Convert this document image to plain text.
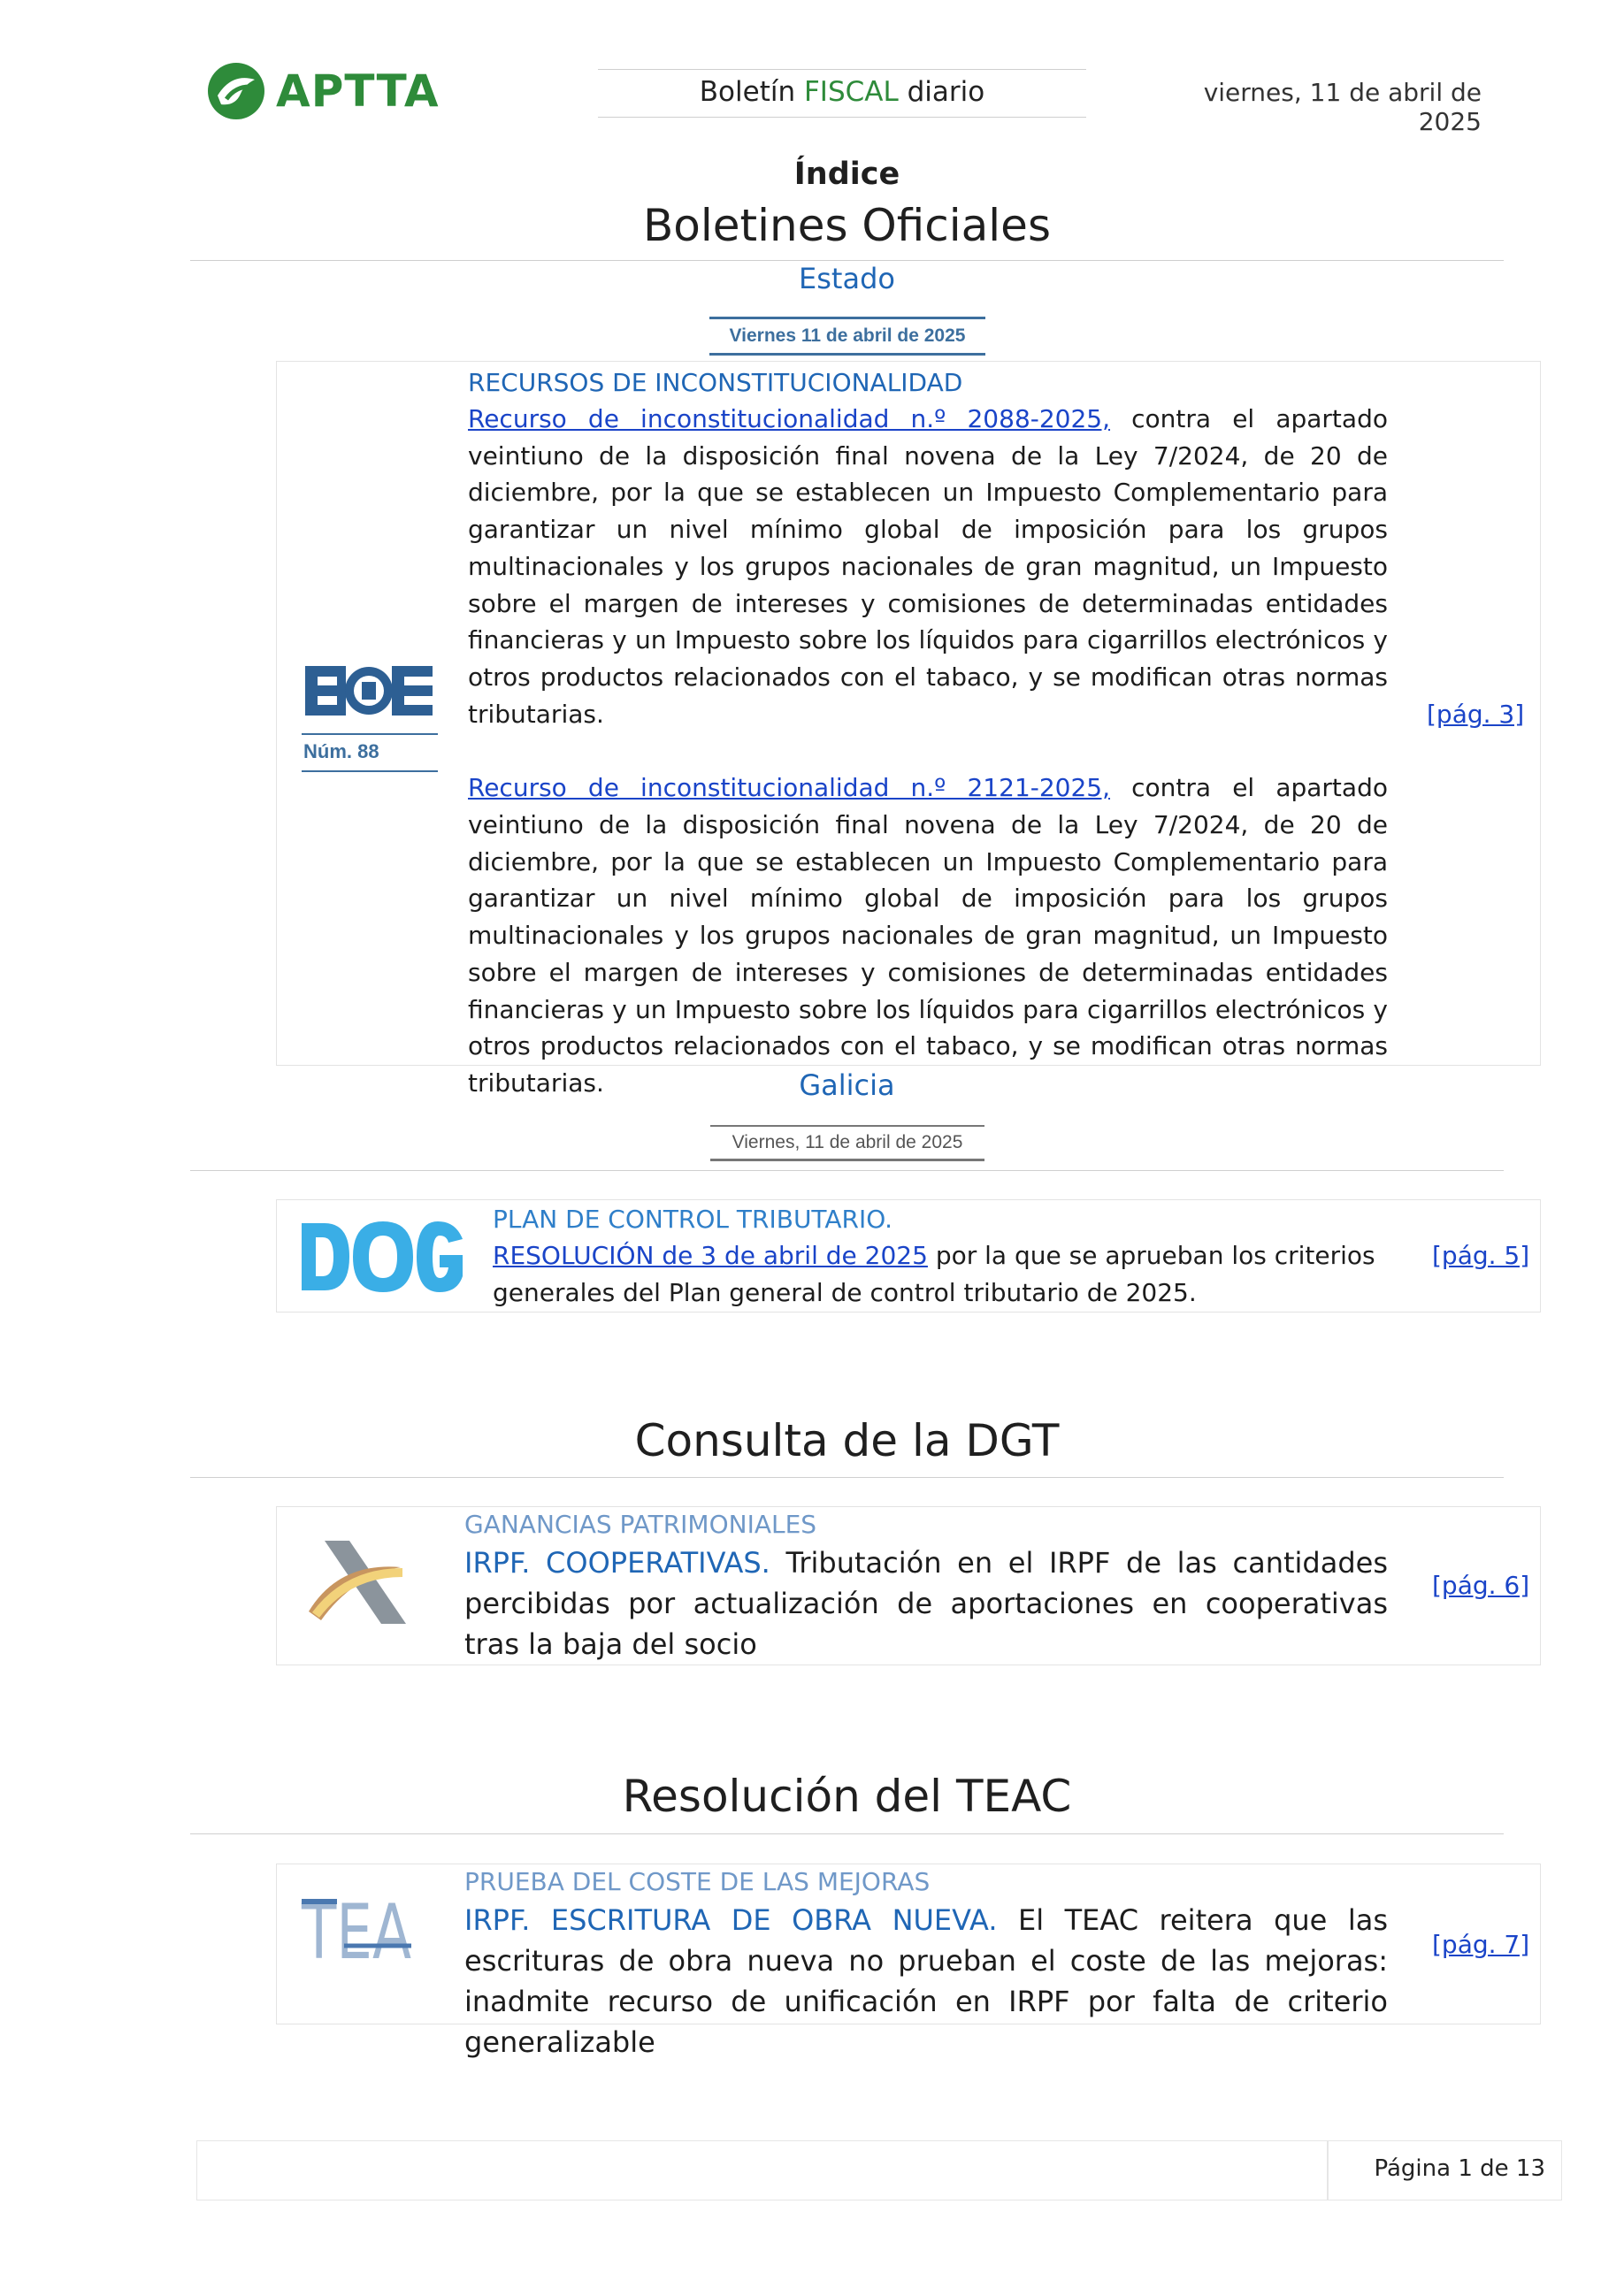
APTTA	Boletín FISCAL diario	viernes, 11 de abril de 2025
Índice
Boletines Oficiales
Estado
Viernes 11 de abril de 2025
Núm. 88
RECURSOS DE INCONSTITUCIONALIDAD
Recurso de inconstitucionalidad n.º 2088-2025, contra el apartado veintiuno de la disposición final novena de la Ley 7/2024, de 20 de diciembre, por la que se establecen un Impuesto Complementario para garantizar un nivel mínimo global de imposición para los grupos multinacionales y los grupos nacionales de gran magnitud, un Impuesto sobre el margen de intereses y comisiones de determinadas entidades financieras y un Impuesto sobre los líquidos para cigarrillos electrónicos y otros productos relacionados con el tabaco, y se modifican otras normas tributarias.
Recurso de inconstitucionalidad n.º 2121-2025, contra el apartado veintiuno de la disposición final novena de la Ley 7/2024, de 20 de diciembre, por la que se establecen un Impuesto Complementario para garantizar un nivel mínimo global de imposición para los grupos multinacionales y los grupos nacionales de gran magnitud, un Impuesto sobre el margen de intereses y comisiones de determinadas entidades financieras y un Impuesto sobre los líquidos para cigarrillos electrónicos y otros productos relacionados con el tabaco, y se modifican otras normas tributarias.
[pág. 3]
Galicia
Viernes, 11 de abril de 2025
PLAN DE CONTROL TRIBUTARIO.
RESOLUCIÓN de 3 de abril de 2025 por la que se aprueban los criterios generales del Plan general de control tributario de 2025.
[pág. 5]
Consulta de la DGT
GANANCIAS PATRIMONIALES
IRPF. COOPERATIVAS. Tributación en el IRPF de las cantidades percibidas por actualización de aportaciones en cooperativas tras la baja del socio
[pág. 6]
Resolución del TEAC
TEA
PRUEBA DEL COSTE DE LAS MEJORAS
IRPF. ESCRITURA DE OBRA NUEVA. El TEAC reitera que las escrituras de obra nueva no prueban el coste de las mejoras: inadmite recurso de unificación en IRPF por falta de criterio generalizable
[pág. 7]
Página 1 de 13
